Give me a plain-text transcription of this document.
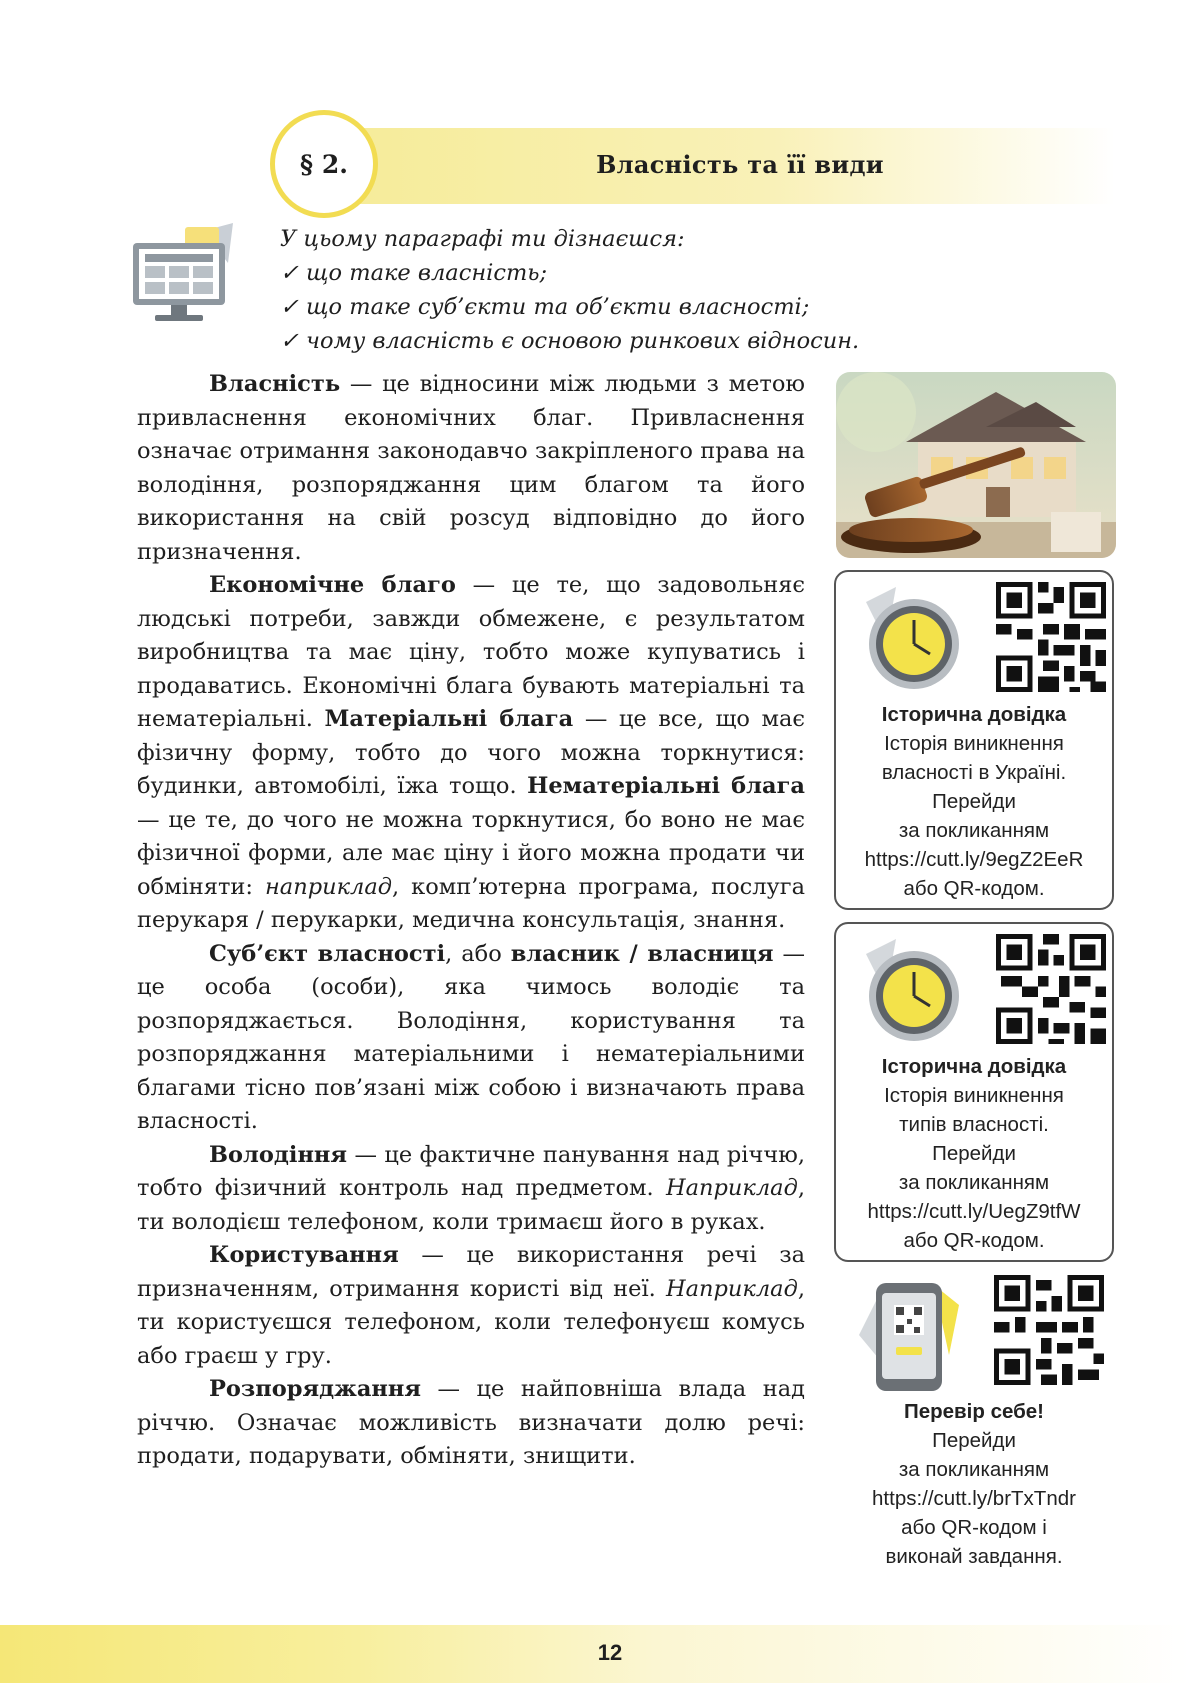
§ 2.	Власність та її види
У цьому параграфі ти дізнаєшся:
✓ що таке власність;
✓ що таке суб’єкти та об’єкти власності;
✓ чому власність є основою ринкових відносин.

Власність — це відносини між людьми з метою привласнення економічних благ. Привласнення означає отримання законодавчо закріпленого права на володіння, розпоряджання цим благом та його використання на свій розсуд відповідно до його призначення.

Економічне благо — це те, що задовольняє людські потреби, завжди обмежене, є результатом виробництва та має ціну, тобто може купуватись і продаватись. Економічні блага бувають матеріальні та нематеріальні. Матеріальні блага — це все, що має фізичну форму, тобто до чого можна торкнутися: будинки, автомобілі, їжа тощо. Нематеріальні блага — це те, до чого не можна торкнутися, бо воно не має фізичної форми, але має ціну і його можна продати чи обміняти: наприклад, комп’ютерна програма, послуга перукаря / перукарки, медична консультація, знання.

Суб’єкт власності, або власник / власниця — це особа (особи), яка чимось володіє та розпоряджається. Володіння, користування та розпоряджання матеріальними і нематеріальними благами тісно пов’язані між собою і визначають права власності.

Володіння — це фактичне панування над річчю, тобто фізичний контроль над предметом. Наприклад, ти володієш телефоном, коли тримаєш його в руках.

Користування — це використання речі за призначенням, отримання користі від неї. Наприклад, ти користуєшся телефоном, коли телефонуєш комусь або граєш у гру.

Розпоряджання — це найповніша влада над річчю. Означає можливість визначати долю речі: продати, подарувати, обміняти, знищити.

Історична довідка
Історія виникнення
власності в Україні.
Перейди
за покликанням
https://cutt.ly/9egZ2EeR
або QR-кодом.
Історична довідка
Історія виникнення
типів власності.
Перейди
за покликанням
https://cutt.ly/UegZ9tfW
або QR-кодом.
Перевір себе!
Перейди
за покликанням
https://cutt.ly/brTxTndr
або QR-кодом і
виконай завдання.
12
